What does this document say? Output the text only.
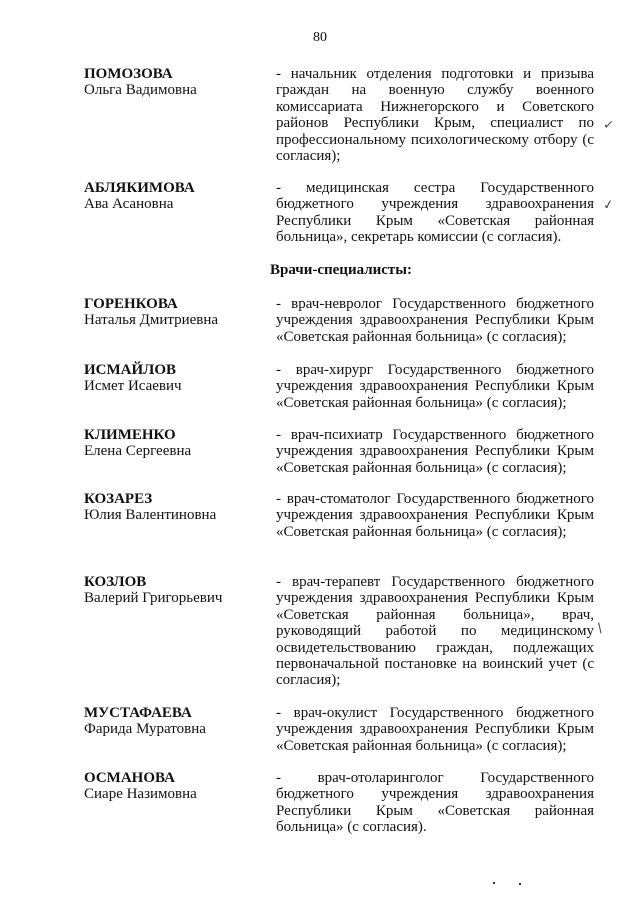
80
ПОМОЗОВА
Ольга Вадимовна
- начальник отделения подготовки и призыва граждан на военную службу военного комиссариата Нижнегорского и Советского районов Республики Крым, специалист по профессиональному психологическому отбору (с согласия);
АБЛЯКИМОВА
Ава Асановна
- медицинская сестра Государственного бюджетного учреждения здравоохранения Республики Крым «Советская районная больница», секретарь комиссии (с согласия).
Врачи-специалисты:
ГОРЕНКОВА
Наталья Дмитриевна
- врач-невролог Государственного бюджетного учреждения здравоохранения Республики Крым «Советская районная больница» (с согласия);
ИСМАЙЛОВ
Исмет Исаевич
- врач-хирург Государственного бюджетного учреждения здравоохранения Республики Крым «Советская районная больница» (с согласия);
КЛИМЕНКО
Елена Сергеевна
- врач-психиатр Государственного бюджетного учреждения здравоохранения Республики Крым «Советская районная больница» (с согласия);
КОЗАРЕЗ
Юлия Валентиновна
- врач-стоматолог Государственного бюджетного учреждения здравоохранения Республики Крым «Советская районная больница» (с согласия);
КОЗЛОВ
Валерий Григорьевич
- врач-терапевт Государственного бюджетного учреждения здравоохранения Республики Крым «Советская районная больница», врач, руководящий работой по медицинскому освидетельствованию граждан, подлежащих первоначальной постановке на воинский учет (с согласия);
МУСТАФАЕВА
Фарида Муратовна
- врач-окулист Государственного бюджетного учреждения здравоохранения Республики Крым «Советская районная больница» (с согласия);
ОСМАНОВА
Сиаре Назимовна
- врач-отоларинголог Государственного бюджетного учреждения здравоохранения Республики Крым «Советская районная больница» (с согласия).
✓
✓
/
